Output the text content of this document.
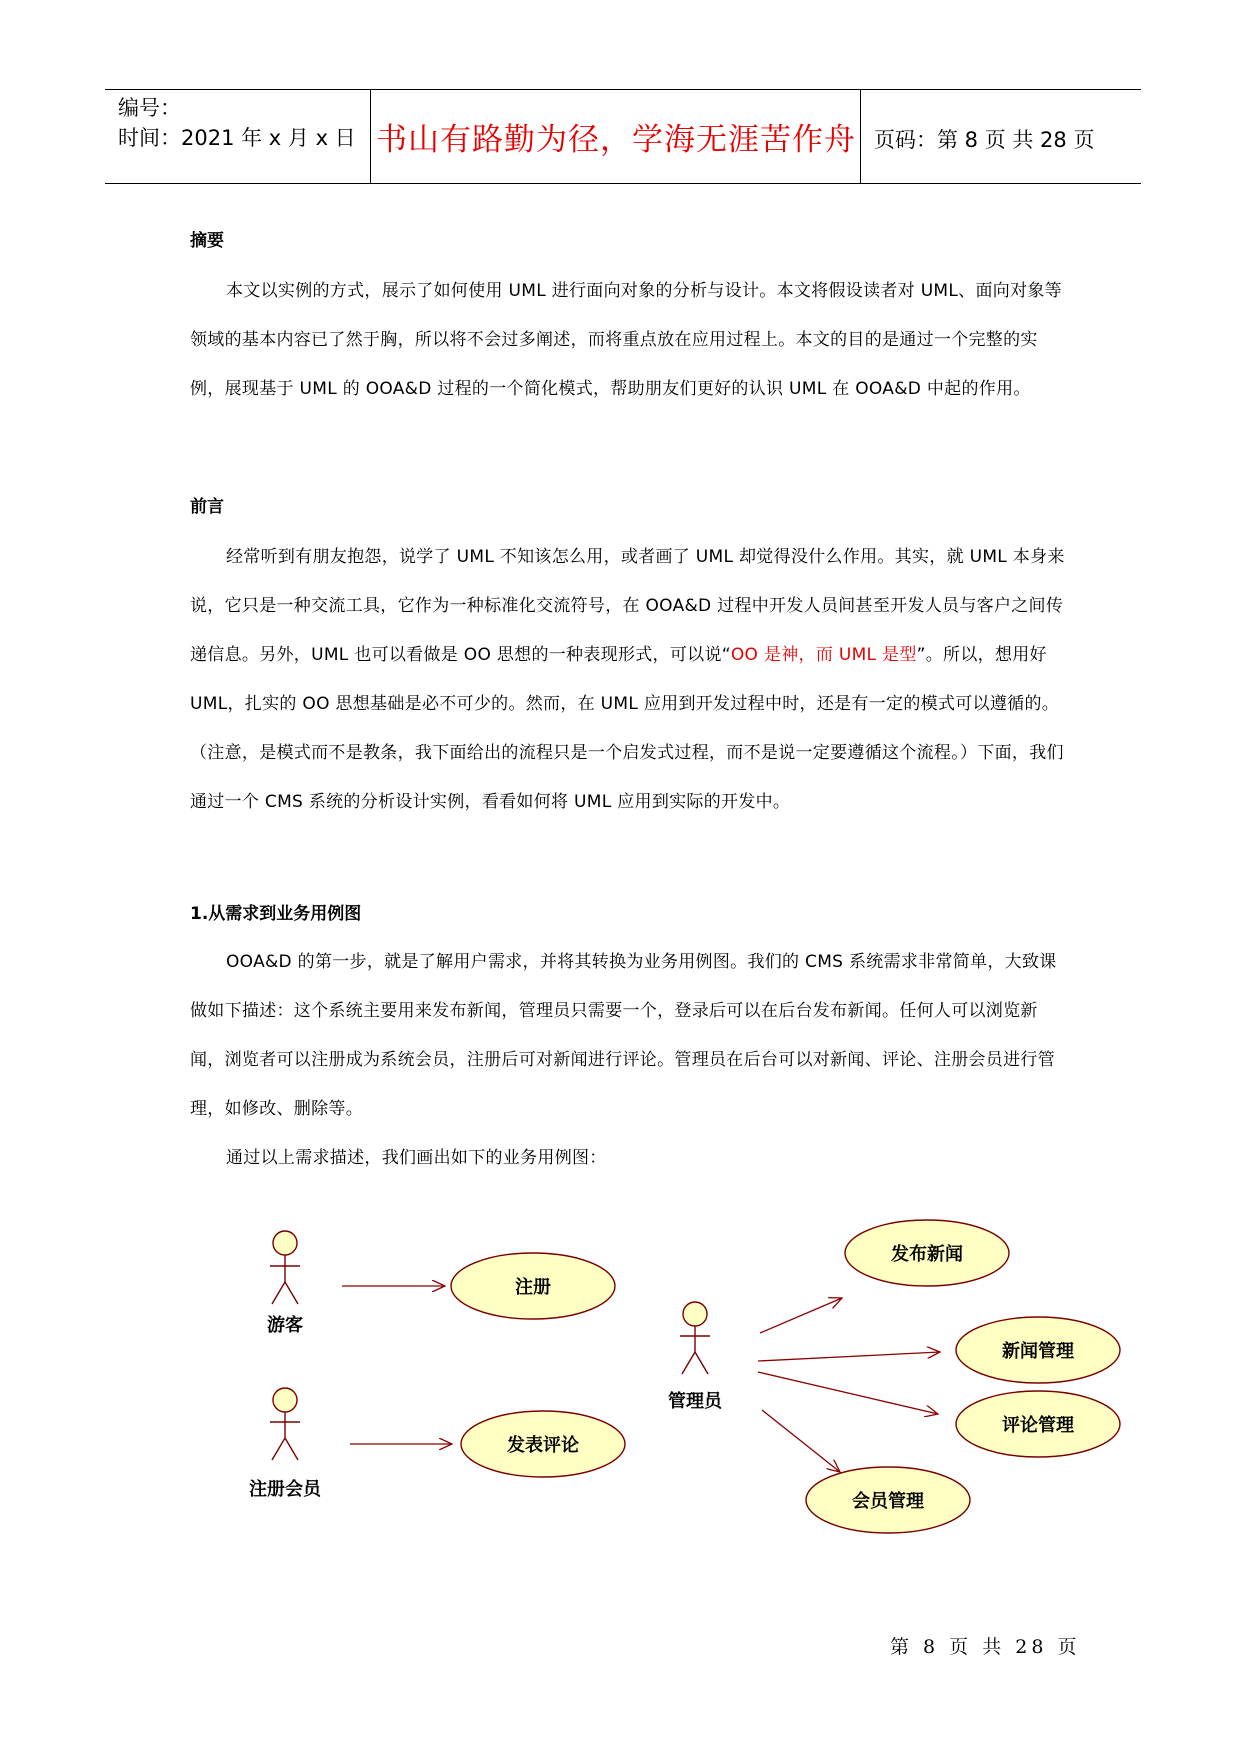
编号：
时间：2021 年 x 月 x 日 书山有路勤为径，学海无涯苦作舟 页码：第 8 页 共 28 页
摘要

本文以实例的方式，展示了如何使用 UML 进行面向对象的分析与设计。本文将假设读者对 UML、面向对象等领域的基本内容已了然于胸，所以将不会过多阐述，而将重点放在应用过程上。本文的目的是通过一个完整的实例，展现基于 UML 的 OOA&D 过程的一个简化模式，帮助朋友们更好的认识 UML 在 OOA&D 中起的作用。

前言

经常听到有朋友抱怨，说学了 UML 不知该怎么用，或者画了 UML 却觉得没什么作用。其实，就 UML 本身来说，它只是一种交流工具，它作为一种标准化交流符号，在 OOA&D 过程中开发人员间甚至开发人员与客户之间传递信息。另外，UML 也可以看做是 OO 思想的一种表现形式，可以说“OO 是神，而 UML 是型”。所以，想用好 UML，扎实的 OO 思想基础是必不可少的。然而，在 UML 应用到开发过程中时，还是有一定的模式可以遵循的。（注意，是模式而不是教条，我下面给出的流程只是一个启发式过程，而不是说一定要遵循这个流程。）下面，我们通过一个 CMS 系统的分析设计实例，看看如何将 UML 应用到实际的开发中。

1.从需求到业务用例图

OOA&D 的第一步，就是了解用户需求，并将其转换为业务用例图。我们的 CMS 系统需求非常简单，大致课做如下描述：这个系统主要用来发布新闻，管理员只需要一个，登录后可以在后台发布新闻。任何人可以浏览新闻，浏览者可以注册成为系统会员，注册后可对新闻进行评论。管理员在后台可以对新闻、评论、注册会员进行管理，如修改、删除等。

通过以上需求描述，我们画出如下的业务用例图：

游客
注册会员
管理员
注册
发表评论
发布新闻
新闻管理
评论管理
会员管理
第 8 页 共 28 页
